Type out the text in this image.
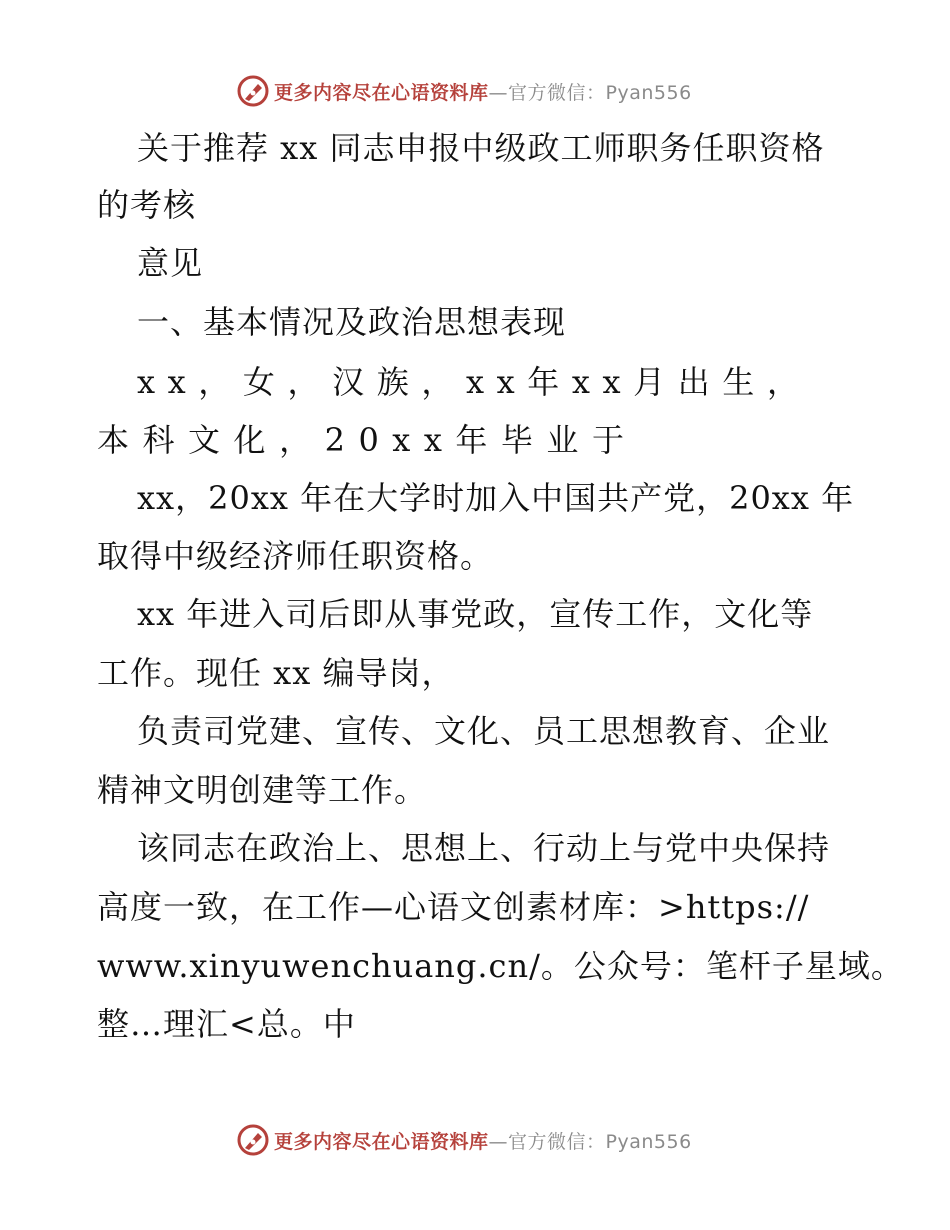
更多内容尽在心语资料库—官方微信：Pyan556
关于推荐 xx 同志申报中级政工师职务任职资格
的考核
意见
一、基本情况及政治思想表现
x x ， 女 ， 汉 族 ， x x 年 x x 月 出 生 ，
本 科 文 化 ， 2 0 x x 年 毕 业 于
xx，20xx 年在大学时加入中国共产党，20xx 年
取得中级经济师任职资格。
xx 年进入司后即从事党政，宣传工作，文化等
工作。现任 xx 编导岗，
负责司党建、宣传、文化、员工思想教育、企业
精神文明创建等工作。
该同志在政治上、思想上、行动上与党中央保持
高度一致，在工作—心语文创素材库：>https://
www.xinyuwenchuang.cn/。公众号：笔杆子星域。
整…理汇<总。中
更多内容尽在心语资料库—官方微信：Pyan556
